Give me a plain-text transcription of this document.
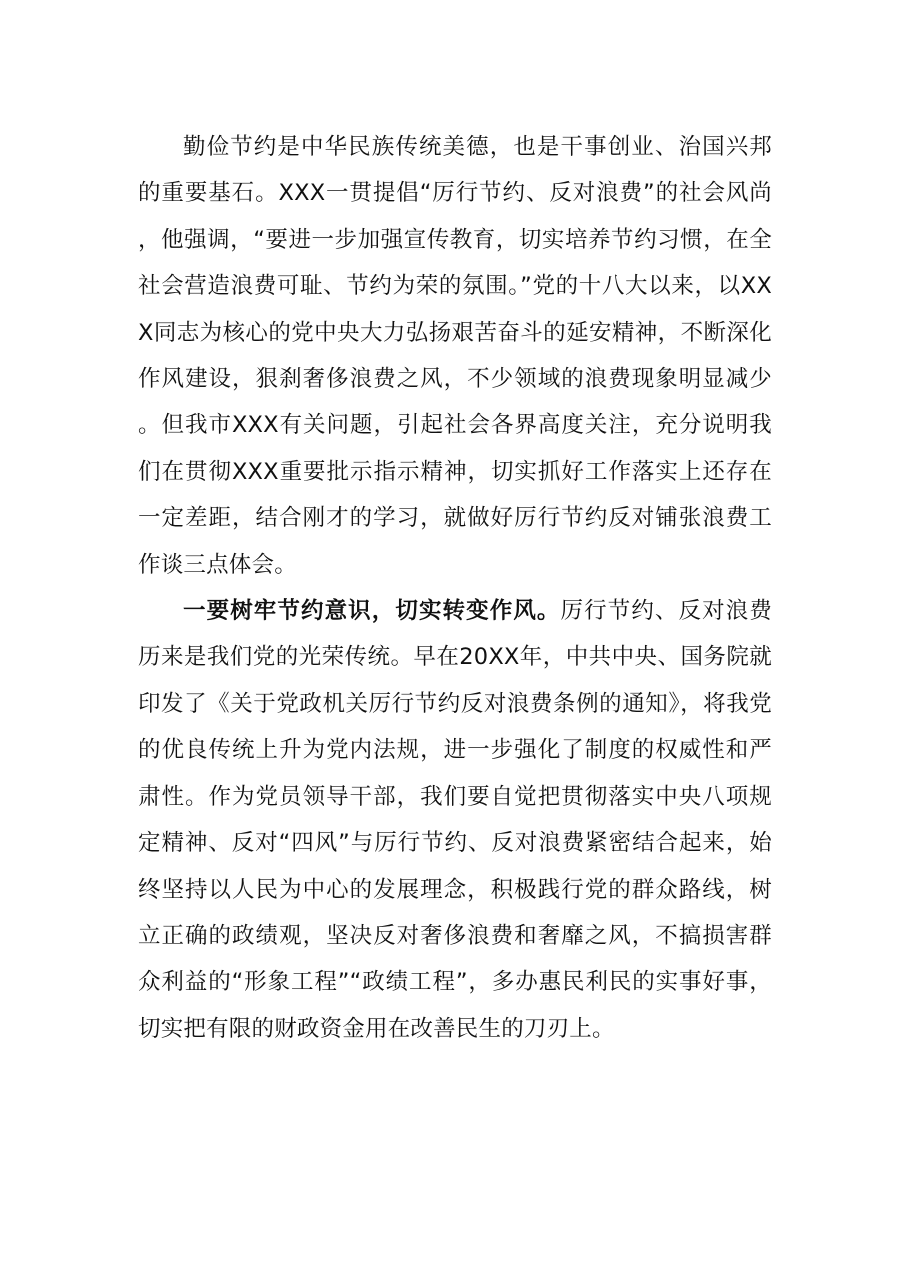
勤俭节约是中华民族传统美德，也是干事创业、治国兴邦的重要基石。XXX一贯提倡“厉行节约、反对浪费”的社会风尚，他强调，“要进一步加强宣传教育，切实培养节约习惯，在全社会营造浪费可耻、节约为荣的氛围。”党的十八大以来，以XXX同志为核心的党中央大力弘扬艰苦奋斗的延安精神，不断深化作风建设，狠刹奢侈浪费之风，不少领域的浪费现象明显减少。但我市XXX有关问题，引起社会各界高度关注，充分说明我们在贯彻XXX重要批示指示精神，切实抓好工作落实上还存在一定差距，结合刚才的学习，就做好厉行节约反对铺张浪费工作谈三点体会。

一要树牢节约意识，切实转变作风。厉行节约、反对浪费历来是我们党的光荣传统。早在20XX年，中共中央、国务院就印发了《关于党政机关厉行节约反对浪费条例的通知》，将我党的优良传统上升为党内法规，进一步强化了制度的权威性和严肃性。作为党员领导干部，我们要自觉把贯彻落实中央八项规定精神、反对“四风”与厉行节约、反对浪费紧密结合起来，始终坚持以人民为中心的发展理念，积极践行党的群众路线，树立正确的政绩观，坚决反对奢侈浪费和奢靡之风，不搞损害群众利益的“形象工程”“政绩工程”，多办惠民利民的实事好事，切实把有限的财政资金用在改善民生的刀刃上。
